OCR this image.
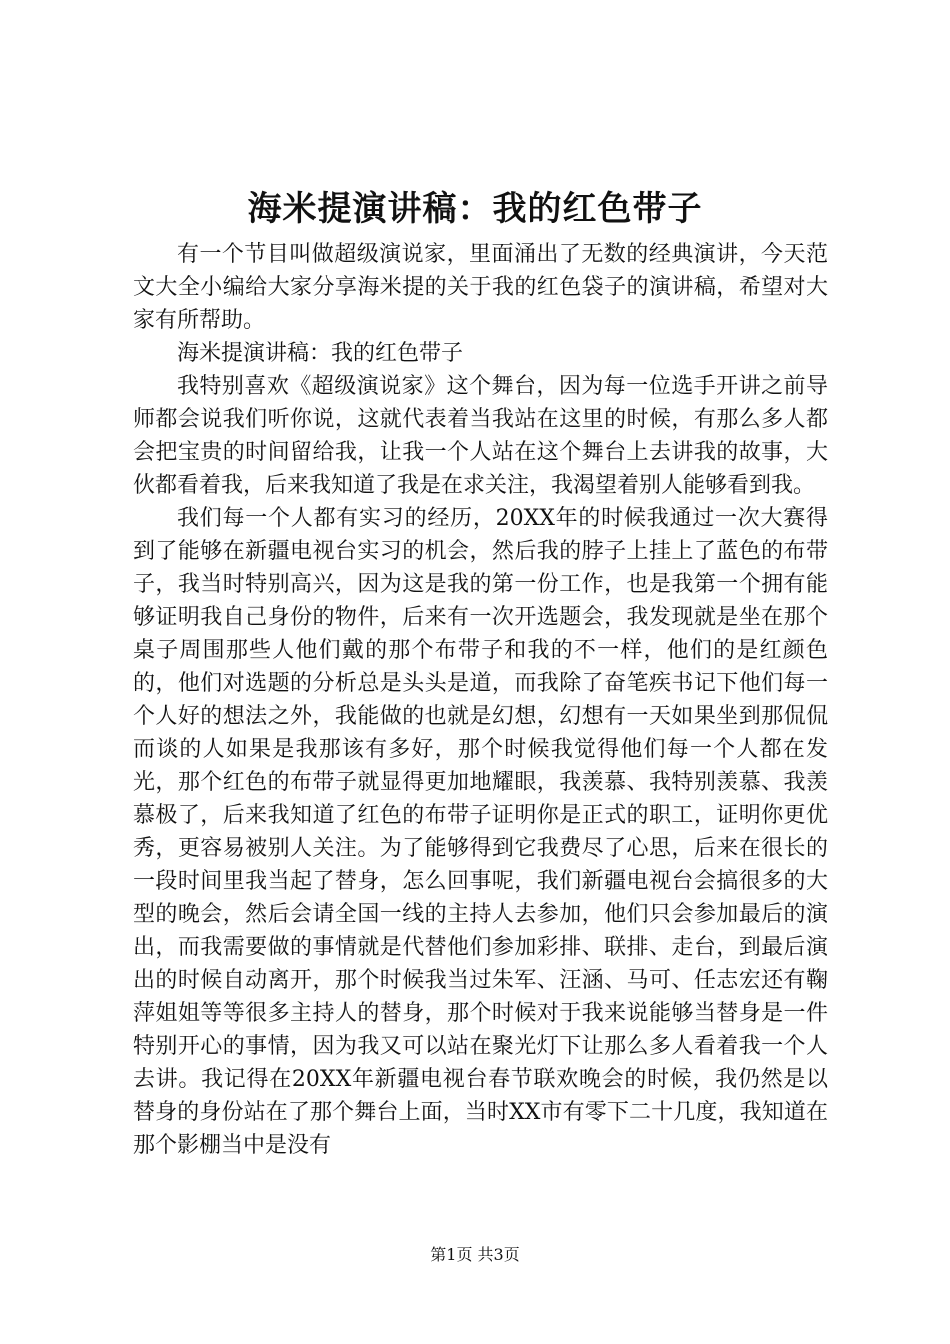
海米提演讲稿：我的红色带子

有一个节目叫做超级演说家，里面涌出了无数的经典演讲，今天范文大全小编给大家分享海米提的关于我的红色袋子的演讲稿，希望对大家有所帮助。

海米提演讲稿：我的红色带子

我特别喜欢《超级演说家》这个舞台，因为每一位选手开讲之前导师都会说我们听你说，这就代表着当我站在这里的时候，有那么多人都会把宝贵的时间留给我，让我一个人站在这个舞台上去讲我的故事，大伙都看着我，后来我知道了我是在求关注，我渴望着别人能够看到我。

我们每一个人都有实习的经历，20XX年的时候我通过一次大赛得到了能够在新疆电视台实习的机会，然后我的脖子上挂上了蓝色的布带子，我当时特别高兴，因为这是我的第一份工作，也是我第一个拥有能够证明我自己身份的物件，后来有一次开选题会，我发现就是坐在那个桌子周围那些人他们戴的那个布带子和我的不一样，他们的是红颜色的，他们对选题的分析总是头头是道，而我除了奋笔疾书记下他们每一个人好的想法之外，我能做的也就是幻想，幻想有一天如果坐到那侃侃而谈的人如果是我那该有多好，那个时候我觉得他们每一个人都在发光，那个红色的布带子就显得更加地耀眼，我羡慕、我特别羡慕、我羡慕极了，后来我知道了红色的布带子证明你是正式的职工，证明你更优秀，更容易被别人关注。为了能够得到它我费尽了心思，后来在很长的一段时间里我当起了替身，怎么回事呢，我们新疆电视台会搞很多的大型的晚会，然后会请全国一线的主持人去参加，他们只会参加最后的演出，而我需要做的事情就是代替他们参加彩排、联排、走台，到最后演出的时候自动离开，那个时候我当过朱军、汪涵、马可、任志宏还有鞠萍姐姐等等很多主持人的替身，那个时候对于我来说能够当替身是一件特别开心的事情，因为我又可以站在聚光灯下让那么多人看着我一个人去讲。我记得在20XX年新疆电视台春节联欢晚会的时候，我仍然是以替身的身份站在了那个舞台上面，当时XX市有零下二十几度，我知道在那个影棚当中是没有

第1页 共3页
